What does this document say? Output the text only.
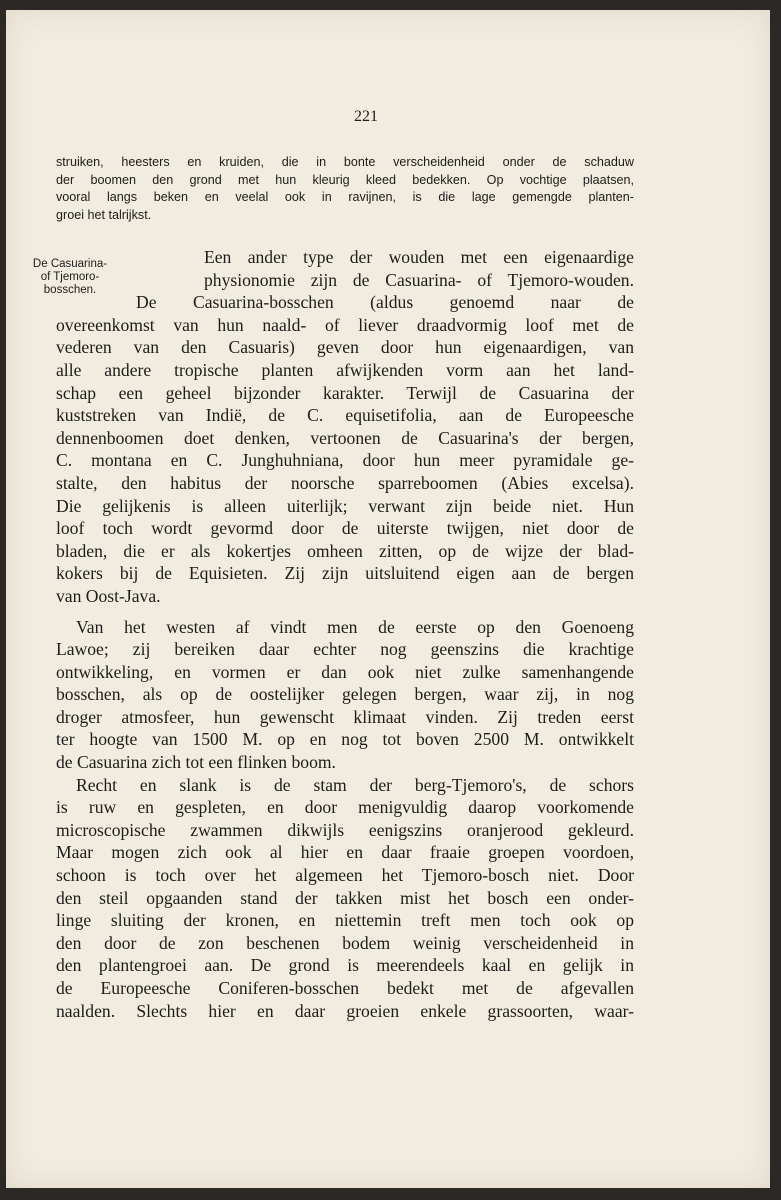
221
struiken, heesters en kruiden, die in bonte verscheidenheid onder de schaduw
der boomen den grond met hun kleurig kleed bedekken. Op vochtige plaatsen,
vooral langs beken en veelal ook in ravijnen, is die lage gemengde planten-
groei het talrijkst.
De Casuarina-
of Tjemoro-
bosschen.
Een ander type der wouden met een eigenaardige
physionomie zijn de Casuarina- of Tjemoro-wouden.
De Casuarina-bosschen (aldus genoemd naar de
overeenkomst van hun naald- of liever draadvormig loof met de
vederen van den Casuaris) geven door hun eigenaardigen, van
alle andere tropische planten afwijkenden vorm aan het land-
schap een geheel bijzonder karakter. Terwijl de Casuarina der
kuststreken van Indië, de C. equisetifolia, aan de Europeesche
dennenboomen doet denken, vertoonen de Casuarina's der bergen,
C. montana en C. Junghuhniana, door hun meer pyramidale ge-
stalte, den habitus der noorsche sparreboomen (Abies excelsa).
Die gelijkenis is alleen uiterlijk; verwant zijn beide niet. Hun
loof toch wordt gevormd door de uiterste twijgen, niet door de
bladen, die er als kokertjes omheen zitten, op de wijze der blad-
kokers bij de Equisieten. Zij zijn uitsluitend eigen aan de bergen
van Oost-Java.
Van het westen af vindt men de eerste op den Goenoeng
Lawoe; zij bereiken daar echter nog geenszins die krachtige
ontwikkeling, en vormen er dan ook niet zulke samenhangende
bosschen, als op de oostelijker gelegen bergen, waar zij, in nog
droger atmosfeer, hun gewenscht klimaat vinden. Zij treden eerst
ter hoogte van 1500 M. op en nog tot boven 2500 M. ontwikkelt
de Casuarina zich tot een flinken boom.
Recht en slank is de stam der berg-Tjemoro's, de schors
is ruw en gespleten, en door menigvuldig daarop voorkomende
microscopische zwammen dikwijls eenigszins oranjerood gekleurd.
Maar mogen zich ook al hier en daar fraaie groepen voordoen,
schoon is toch over het algemeen het Tjemoro-bosch niet. Door
den steil opgaanden stand der takken mist het bosch een onder-
linge sluiting der kronen, en niettemin treft men toch ook op
den door de zon beschenen bodem weinig verscheidenheid in
den plantengroei aan. De grond is meerendeels kaal en gelijk in
de Europeesche Coniferen-bosschen bedekt met de afgevallen
naalden. Slechts hier en daar groeien enkele grassoorten, waar-
